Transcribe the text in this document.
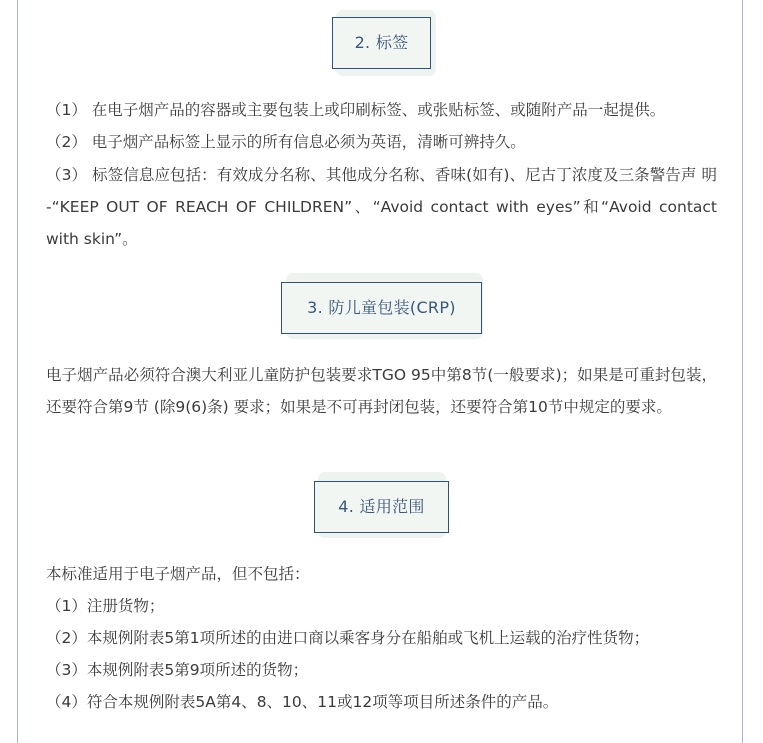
2. 标签
（1） 在电子烟产品的容器或主要包装上或印刷标签、或张贴标签、或随附产品一起提供。
（2） 电子烟产品标签上显示的所有信息必须为英语，清晰可辨持久。

（3） 标签信息应包括：有效成分名称、其他成分名称、香味(如有)、尼古丁浓度及三条警告声 明 -“KEEP OUT OF REACH OF CHILDREN”、“Avoid contact with eyes”和“Avoid contact with skin”。

3. 防儿童包装(CRP)

电子烟产品必须符合澳大利亚儿童防护包装要求TGO 95中第8节(一般要求)；如果是可重封包装，还要符合第9节 (除9(6)条) 要求；如果是不可再封闭包装，还要符合第10节中规定的要求。

4. 适用范围
本标准适用于电子烟产品，但不包括：
（1）注册货物；
（2）本规例附表5第1项所述的由进口商以乘客身分在船舶或飞机上运载的治疗性货物；
（3）本规例附表5第9项所述的货物；
（4）符合本规例附表5A第4、8、10、11或12项等项目所述条件的产品。
